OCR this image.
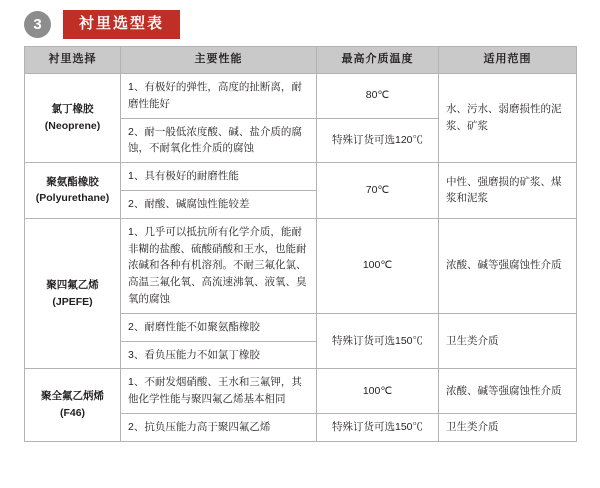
3	衬里选型表
衬里选择	主要性能	最高介质温度	适用范围

氯丁橡胶
(Neoprene)	1、有极好的弹性，高度的扯断离，耐磨性能好	80℃	水、污水、弱磨损性的泥浆、矿浆
	2、耐一般低浓度酸、碱、盐介质的腐蚀，不耐氧化性介质的腐蚀	特殊订货可选120℃	

聚氨酯橡胶
(Polyurethane)	1、具有极好的耐磨性能	70℃	中性、强磨损的矿浆、煤浆和泥浆
	2、耐酸、碱腐蚀性能较差		

聚四氟乙烯
(JPEFE)	1、几乎可以抵抗所有化学介质，能耐非糊的盐酸、硫酸硝酸和王水，也能耐浓碱和各种有机溶剂。不耐三氟化氯、高温三氟化氧、高流速沸氧、液氧、臭氧的腐蚀	100℃	浓酸、碱等强腐蚀性介质
	2、耐磨性能不如聚氨酯橡胶	特殊订货可选150℃	卫生类介质
	3、看负压能力不如氯丁橡胶		

聚全氟乙炳烯
(F46)	1、不耐发烟硝酸、王水和三氟钾，其他化学性能与聚四氟乙烯基本相同	100℃	浓酸、碱等强腐蚀性介质
	2、抗负压能力高于聚四氟乙烯	特殊订货可选150℃	卫生类介质
